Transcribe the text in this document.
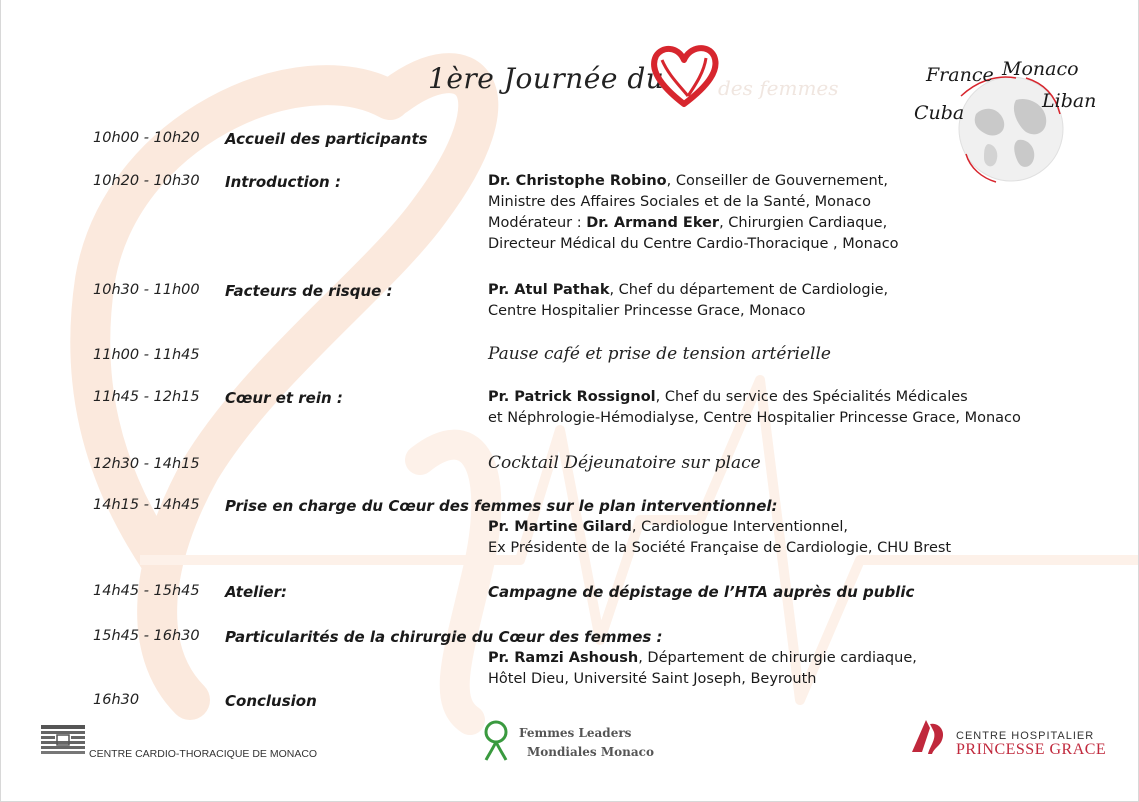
1ère Journée du	des femmes
France Monaco
Cuba
Liban
10h00 - 10h20 Accueil des participants
10h20 - 10h30 Introduction :	Dr. Christophe Robino, Conseiller de Gouvernement,
Ministre des Affaires Sociales et de la Santé, Monaco
Modérateur : Dr. Armand Eker, Chirurgien Cardiaque,
Directeur Médical du Centre Cardio-Thoracique , Monaco
10h30 - 11h00 Facteurs de risque :	Pr. Atul Pathak, Chef du département de Cardiologie,
Centre Hospitalier Princesse Grace, Monaco
11h00 - 11h45	Pause café et prise de tension artérielle
11h45 - 12h15 Cœur et rein :	Pr. Patrick Rossignol, Chef du service des Spécialités Médicales
et Néphrologie-Hémodialyse, Centre Hospitalier Princesse Grace, Monaco
12h30 - 14h15	Cocktail Déjeunatoire sur place
14h15 - 14h45 Prise en charge du Cœur des femmes sur le plan interventionnel:
Pr. Martine Gilard, Cardiologue Interventionnel,
Ex Présidente de la Société Française de Cardiologie, CHU Brest
14h45 - 15h45 Atelier:	Campagne de dépistage de l’HTA auprès du public
15h45 - 16h30 Particularités de la chirurgie du Cœur des femmes :
Pr. Ramzi Ashoush, Département de chirurgie cardiaque,
Hôtel Dieu, Université Saint Joseph, Beyrouth
16h30	Conclusion
CENTRE CARDIO-THORACIQUE DE MONACO
Femmes Leaders
Mondiales Monaco
CENTRE HOSPITALIER
PRINCESSE GRACE
